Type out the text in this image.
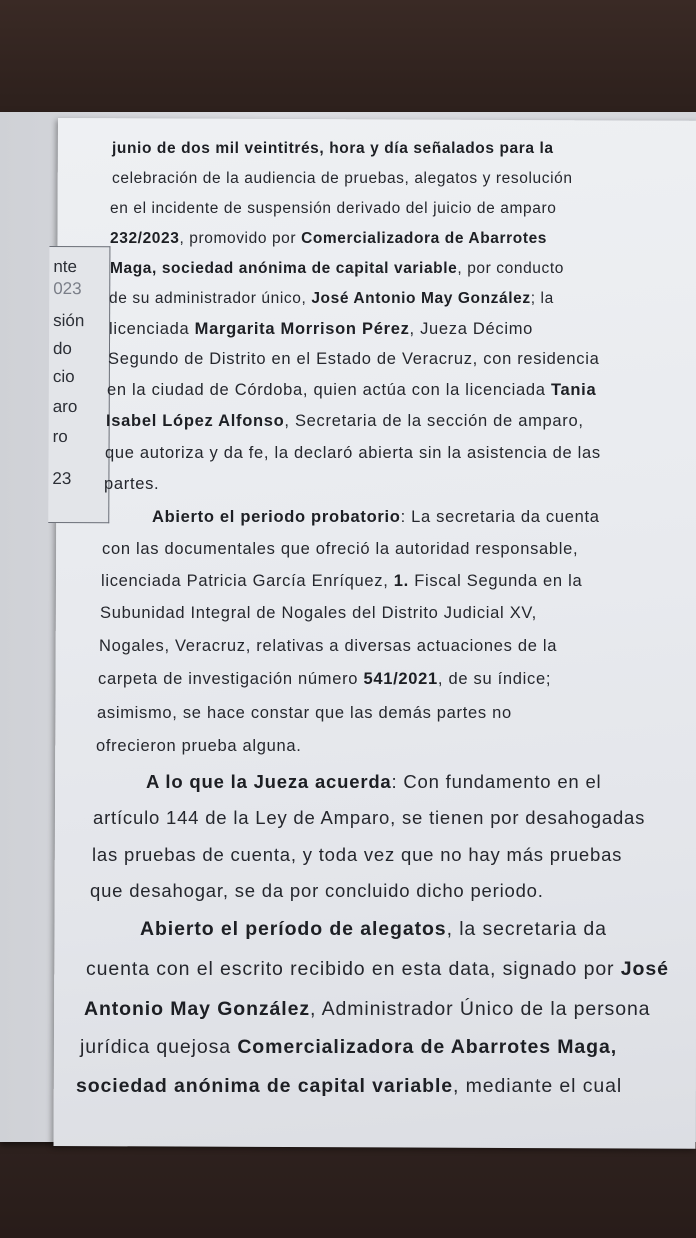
nte
023
sión
do
cio
aro
ro
23
junio de dos mil veintitrés, hora y día señalados para la
celebración de la audiencia de pruebas, alegatos y resolución
en el incidente de suspensión derivado del juicio de amparo
232/2023, promovido por Comercializadora de Abarrotes
Maga, sociedad anónima de capital variable, por conducto
de su administrador único, José Antonio May González; la
licenciada Margarita Morrison Pérez, Jueza Décimo
Segundo de Distrito en el Estado de Veracruz, con residencia
en la ciudad de Córdoba, quien actúa con la licenciada Tania
Isabel López Alfonso, Secretaria de la sección de amparo,
que autoriza y da fe, la declaró abierta sin la asistencia de las
partes.
Abierto el periodo probatorio: La secretaria da cuenta
con las documentales que ofreció la autoridad responsable,
licenciada Patricia García Enríquez, 1. Fiscal Segunda en la
Subunidad Integral de Nogales del Distrito Judicial XV,
Nogales, Veracruz, relativas a diversas actuaciones de la
carpeta de investigación número 541/2021, de su índice;
asimismo, se hace constar que las demás partes no
ofrecieron prueba alguna.
A lo que la Jueza acuerda: Con fundamento en el
artículo 144 de la Ley de Amparo, se tienen por desahogadas
las pruebas de cuenta, y toda vez que no hay más pruebas
que desahogar, se da por concluido dicho periodo.
Abierto el período de alegatos, la secretaria da
cuenta con el escrito recibido en esta data, signado por José
Antonio May González, Administrador Único de la persona
jurídica quejosa Comercializadora de Abarrotes Maga,
sociedad anónima de capital variable, mediante el cual
